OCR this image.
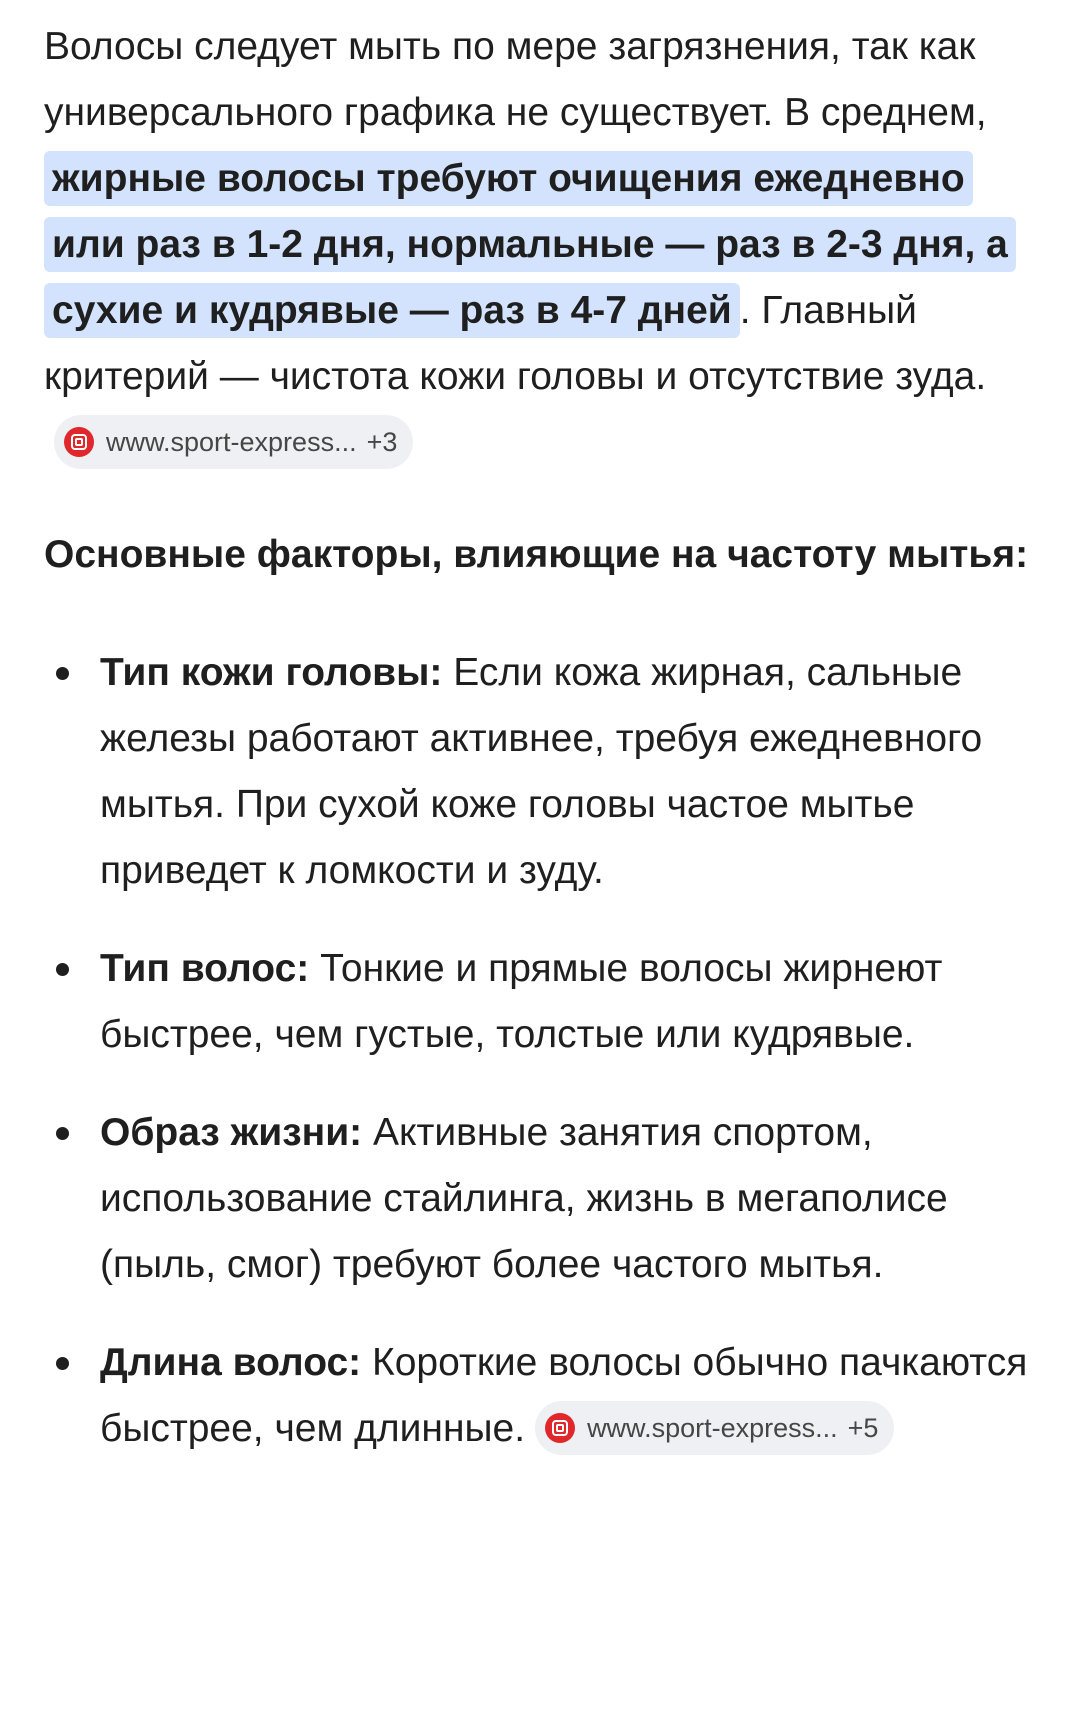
Волосы следует мыть по мере загрязнения, так как универсального графика не существует. В среднем, жирные волосы требуют очищения ежедневно или раз в 1-2 дня, нормальные — раз в 2-3 дня, а сухие и кудрявые — раз в 4-7 дней . Главный критерий — чистота кожи головы и отсутствие зуда.
www.sport-express... +3

Основные факторы, влияющие на частоту мытья:

Тип кожи головы: Если кожа жирная, сальные железы работают активнее, требуя ежедневного мытья. При сухой коже головы частое мытье приведет к ломкости и зуду.
Тип волос: Тонкие и прямые волосы жирнеют быстрее, чем густые, толстые или кудрявые.
Образ жизни: Активные занятия спортом, использование стайлинга, жизнь в мегаполисе (пыль, смог) требуют более частого мытья.
Длина волос: Короткие волосы обычно пачкаются быстрее, чем длинные. www.sport-express... +5
